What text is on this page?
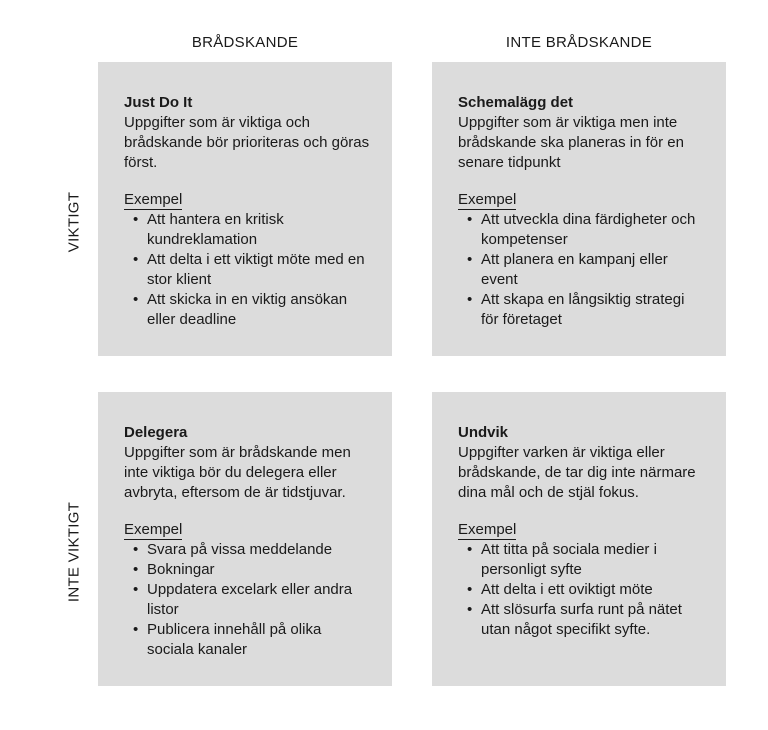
BRÅDSKANDE	INTE BRÅDSKANDE
VIKTIGT
INTE VIKTIGT
Just Do It

Uppgifter som är viktiga och brådskande bör prioriteras och göras först.

Exempel
• Att hantera en kritisk kundreklamation
• Att delta i ett viktigt möte med en stor klient
• Att skicka in en viktig ansökan eller deadline
Schemalägg det

Uppgifter som är viktiga men inte brådskande ska planeras in för en senare tidpunkt

Exempel
• Att utveckla dina färdigheter och kompetenser
• Att planera en kampanj eller event
• Att skapa en långsiktig strategi för företaget
Delegera

Uppgifter som är brådskande men inte viktiga bör du delegera eller avbryta, eftersom de är tidstjuvar.

Exempel
• Svara på vissa meddelande
• Bokningar
• Uppdatera excelark eller andra listor
• Publicera innehåll på olika sociala kanaler
Undvik

Uppgifter varken är viktiga eller brådskande, de tar dig inte närmare dina mål och de stjäl fokus.

Exempel
• Att titta på sociala medier i personligt syfte
• Att delta i ett oviktigt möte
• Att slösurfa surfa runt på nätet utan något specifikt syfte.
